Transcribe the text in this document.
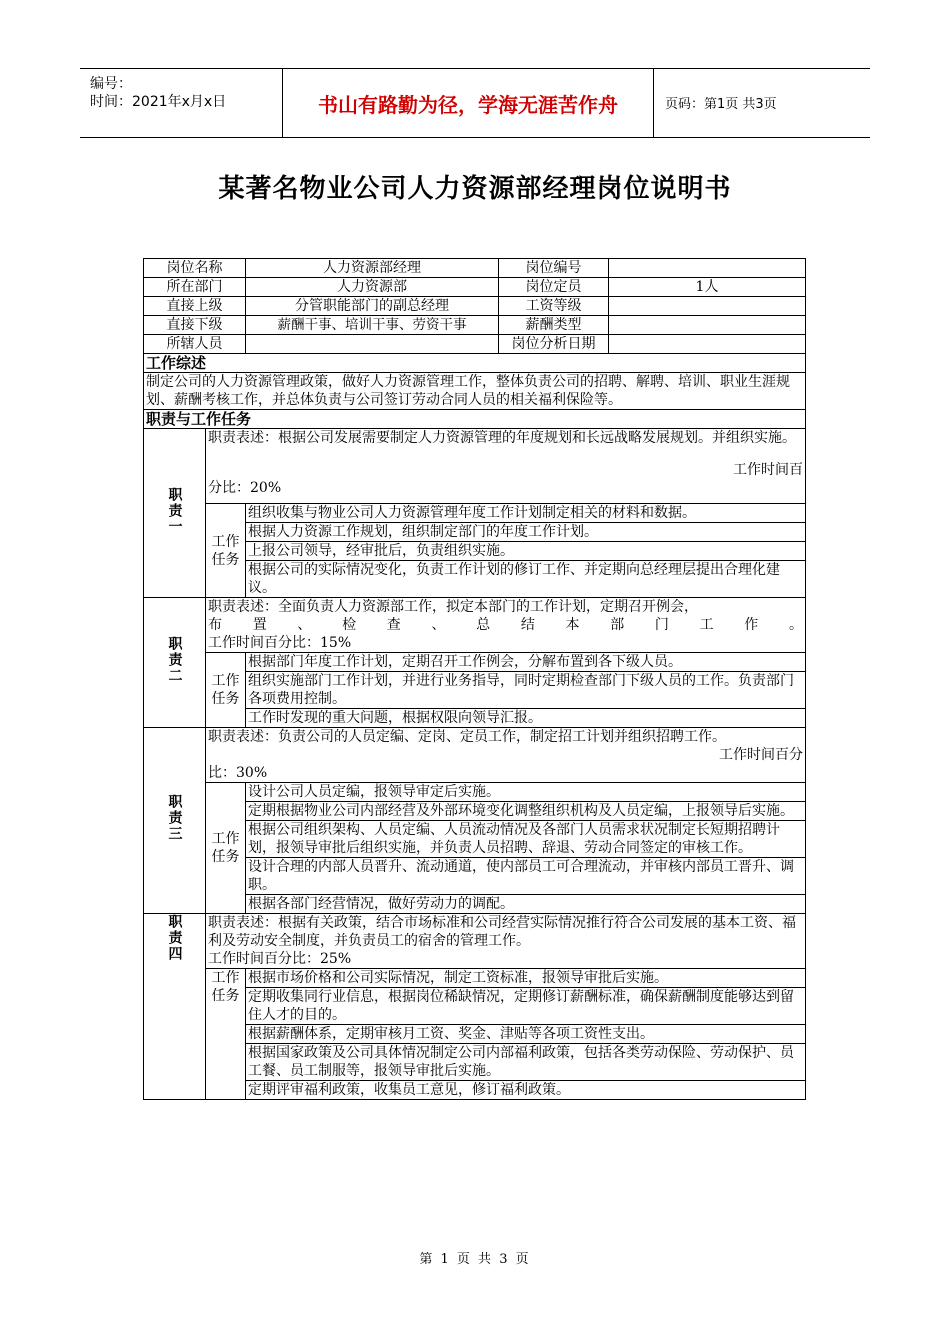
编号：
时间：2021年x月x日	书山有路勤为径，学海无涯苦作舟	页码：第1页 共3页
某著名物业公司人力资源部经理岗位说明书
岗位名称		人力资源部经理	岗位编号	
所在部门		人力资源部	岗位定员	1人
直接上级		分管职能部门的副总经理	工资等级	
直接下级		薪酬干事、培训干事、劳资干事	薪酬类型	
所辖人员			岗位分析日期	
工作综述				
制定公司的人力资源管理政策，做好人力资源管理工作，整体负责公司的招聘、解聘、培训、职业生涯规划、薪酬考核工作，并总体负责与公司签订劳动合同人员的相关福利保险等。				
职责与工作任务				
职责一	职责表述：根据公司发展需要制定人力资源管理的年度规划和长远战略发展规划。并组织实施。
工作时间百
分比：20%			
	工作任务	组织收集与物业公司人力资源管理年度工作计划制定相关的材料和数据。		
		根据人力资源工作规划，组织制定部门的年度工作计划。		
		上报公司领导，经审批后，负责组织实施。		
		根据公司的实际情况变化，负责工作计划的修订工作、并定期向总经理层提出合理化建议。		
职责二	职责表述：全面负责人力资源部工作，拟定本部门的工作计划，定期召开例会，
布置、检查、总结本部门工作。
工作时间百分比：15%			
	工作任务	根据部门年度工作计划，定期召开工作例会，分解布置到各下级人员。		
		组织实施部门工作计划，并进行业务指导，同时定期检查部门下级人员的工作。负责部门各项费用控制。		
		工作时发现的重大问题，根据权限向领导汇报。		
职责三	职责表述：负责公司的人员定编、定岗、定员工作，制定招工计划并组织招聘工作。
工作时间百分
比：30%			
	工作任务	设计公司人员定编，报领导审定后实施。		
		定期根据物业公司内部经营及外部环境变化调整组织机构及人员定编，上报领导后实施。		
		根据公司组织架构、人员定编、人员流动情况及各部门人员需求状况制定长短期招聘计划，报领导审批后组织实施，并负责人员招聘、辞退、劳动合同签定的审核工作。		
		设计合理的内部人员晋升、流动通道，使内部员工可合理流动，并审核内部员工晋升、调职。		
		根据各部门经营情况，做好劳动力的调配。		
职责四	职责表述：根据有关政策，结合市场标准和公司经营实际情况推行符合公司发展的基本工资、福利及劳动安全制度，并负责员工的宿舍的管理工作。
工作时间百分比：25%			
	工作任务	根据市场价格和公司实际情况，制定工资标准，报领导审批后实施。		
		定期收集同行业信息，根据岗位稀缺情况，定期修订薪酬标准，确保薪酬制度能够达到留住人才的目的。		
		根据薪酬体系，定期审核月工资、奖金、津贴等各项工资性支出。		
		根据国家政策及公司具体情况制定公司内部福利政策，包括各类劳动保险、劳动保护、员工餐、员工制服等，报领导审批后实施。		
		定期评审福利政策，收集员工意见，修订福利政策。		
第 1 页 共 3 页
